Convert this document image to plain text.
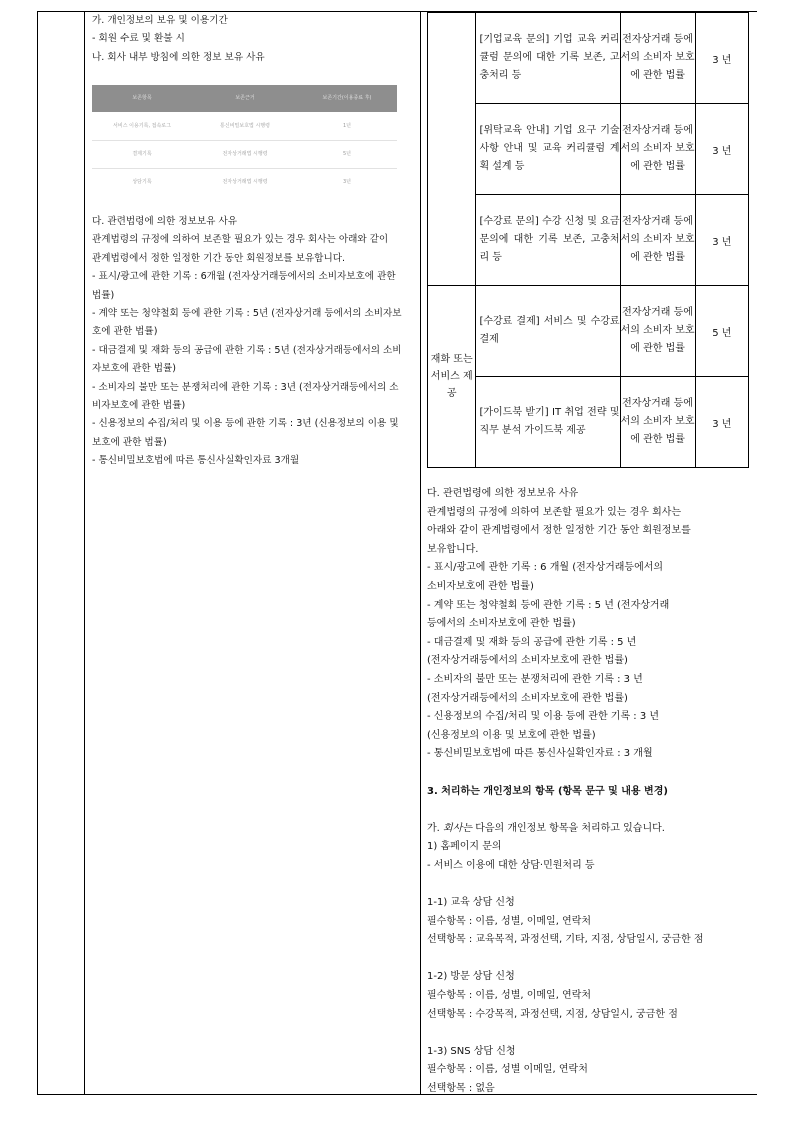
가. 개인정보의 보유 및 이용기간

- 회원 수료 및 환불 시

나. 회사 내부 방침에 의한 정보 보유 사유

보존항목	보존근거	보존기간(이용종료 후)
서비스 이용기록, 접속로그	통신비밀보호법 시행령	1년
결제기록	전자상거래법 시행령	5년
상담기록	전자상거래법 시행령	3년

다. 관련법령에 의한 정보보유 사유

관계법령의 규정에 의하여 보존할 필요가 있는 경우 회사는 아래와 같이

관계법령에서 정한 일정한 기간 동안 회원정보를 보유합니다.

- 표시/광고에 관한 기록 : 6개월 (전자상거래등에서의 소비자보호에 관한

법률)

- 계약 또는 청약철회 등에 관한 기록 : 5년 (전자상거래 등에서의 소비자보

호에 관한 법률)

- 대금결제 및 재화 등의 공급에 관한 기록 : 5년 (전자상거래등에서의 소비

자보호에 관한 법률)

- 소비자의 불만 또는 분쟁처리에 관한 기록 : 3년 (전자상거래등에서의 소

비자보호에 관한 법률)

- 신용정보의 수집/처리 및 이용 등에 관한 기록 : 3년 (신용정보의 이용 및

보호에 관한 법률)

- 통신비밀보호법에 따른 통신사실확인자료 3개월

	[기업교육 문의] 기업 교육 커리큘럼 문의에 대한 기록 보존, 고충처리 등	전자상거래 등에서의 소비자 보호에 관한 법률	3 년
	[위탁교육 안내] 기업 요구 기술사항 안내 및 교육 커리큘럼 계획 설계 등	전자상거래 등에서의 소비자 보호에 관한 법률	3 년
	[수강료 문의] 수강 신청 및 요금 문의에 대한 기록 보존, 고충처리 등	전자상거래 등에서의 소비자 보호에 관한 법률	3 년
재화 또는 서비스 제공	[수강료 결제] 서비스 및 수강료 결제	전자상거래 등에서의 소비자 보호에 관한 법률	5 년
	[가이드북 받기] IT 취업 전략 및 직무 분석 가이드북 제공	전자상거래 등에서의 소비자 보호에 관한 법률	3 년

다. 관련법령에 의한 정보보유 사유

관계법령의 규정에 의하여 보존할 필요가 있는 경우 회사는

아래와 같이 관계법령에서 정한 일정한 기간 동안 회원정보를

보유합니다.

- 표시/광고에 관한 기록 : 6 개월 (전자상거래등에서의

소비자보호에 관한 법률)

- 계약 또는 청약철회 등에 관한 기록 : 5 년 (전자상거래

등에서의 소비자보호에 관한 법률)

- 대금결제 및 재화 등의 공급에 관한 기록 : 5 년

(전자상거래등에서의 소비자보호에 관한 법률)

- 소비자의 불만 또는 분쟁처리에 관한 기록 : 3 년

(전자상거래등에서의 소비자보호에 관한 법률)

- 신용정보의 수집/처리 및 이용 등에 관한 기록 : 3 년

(신용정보의 이용 및 보호에 관한 법률)

- 통신비밀보호법에 따른 통신사실확인자료 : 3 개월

3. 처리하는 개인정보의 항목 (항목 문구 및 내용 변경)

가. 회사는 다음의 개인정보 항목을 처리하고 있습니다.

1) 홈페이지 문의

- 서비스 이용에 대한 상담·민원처리 등

1-1) 교육 상담 신청

필수항목 : 이름, 성별, 이메일, 연락처

선택항목 : 교육목적, 과정선택, 기타, 지점, 상담일시, 궁금한 점

1-2) 방문 상담 신청

필수항목 : 이름, 성별, 이메일, 연락처

선택항목 : 수강목적, 과정선택, 지점, 상담일시, 궁금한 점

1-3) SNS 상담 신청

필수항목 : 이름, 성별 이메일, 연락처

선택항목 : 없음
